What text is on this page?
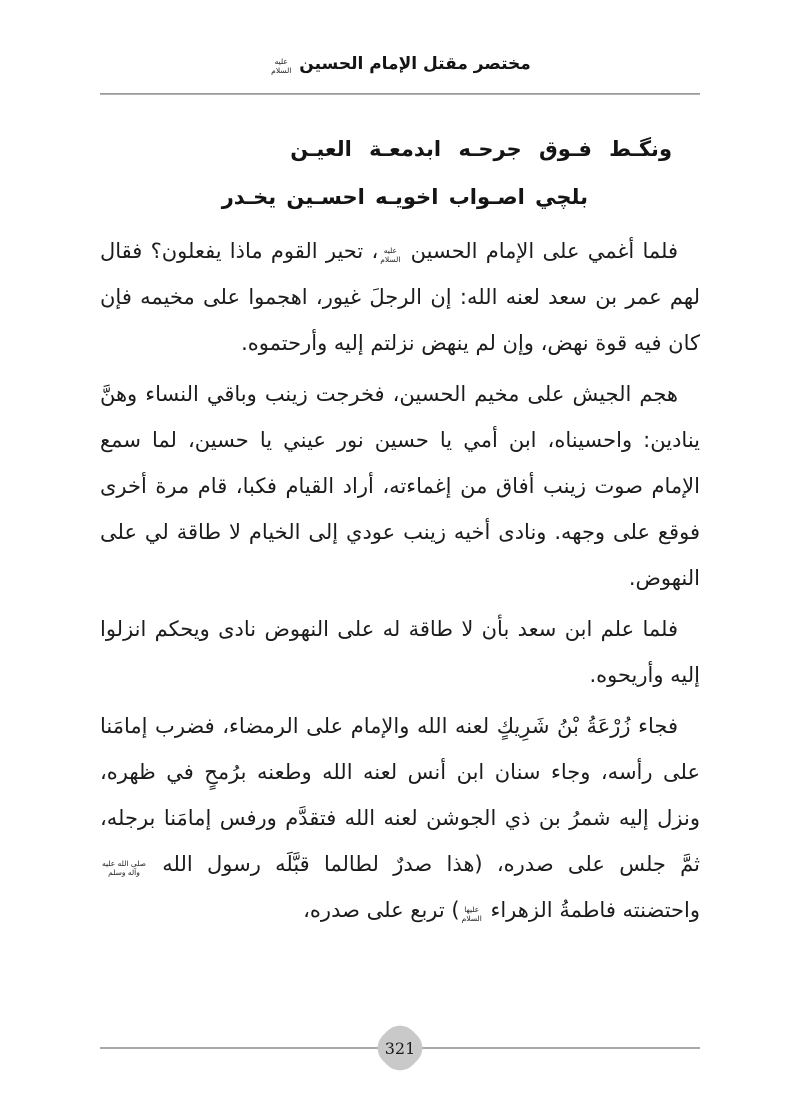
مختصر مقتل الإمام الحسين
عليه
السلام
ونگـط فـوق جرحـه ابدمعـة العيـن
بلچي اصـواب اخويـه احسـين يخـدر

فلما أغمي على الإمام الحسين
عليه
السلام
، تحير القوم ماذا يفعلون؟ فقال لهم عمر بن سعد لعنه الله: إن الرجلَ غيور، اهجموا على مخيمه فإن كان فيه قوة نهض، وإن لم ينهض نزلتم إليه وأرحتموه.

هجم الجيش على مخيم الحسين، فخرجت زينب وباقي النساء وهنَّ ينادين: واحسيناه، ابن أمي يا حسين نور عيني يا حسين، لما سمع الإمام صوت زينب أفاق من إغماءته، أراد القيام فكبا، قام مرة أخرى فوقع على وجهه. ونادى أخيه زينب عودي إلى الخيام لا طاقة لي على النهوض.

فلما علم ابن سعد بأن لا طاقة له على النهوض نادى ويحكم انزلوا إليه وأريحوه.

فجاء زُرْعَةُ بْنُ شَرِيكٍ لعنه الله والإمام على الرمضاء، فضرب إمامَنا على رأسه، وجاء سنان ابن أنس لعنه الله وطعنه برُمحٍ في ظهره، ونزل إليه شمرُ بن ذي الجوشن لعنه الله فتقدَّم ورفس إمامَنا برجله، ثمَّ جلس على صدره، (هذا صدرٌ لطالما قبَّلَه رسول الله
صلى الله عليه
وآله وسلم
واحتضنته فاطمةُ الزهراء
عليها
السلام
) تربع على صدره،

321
